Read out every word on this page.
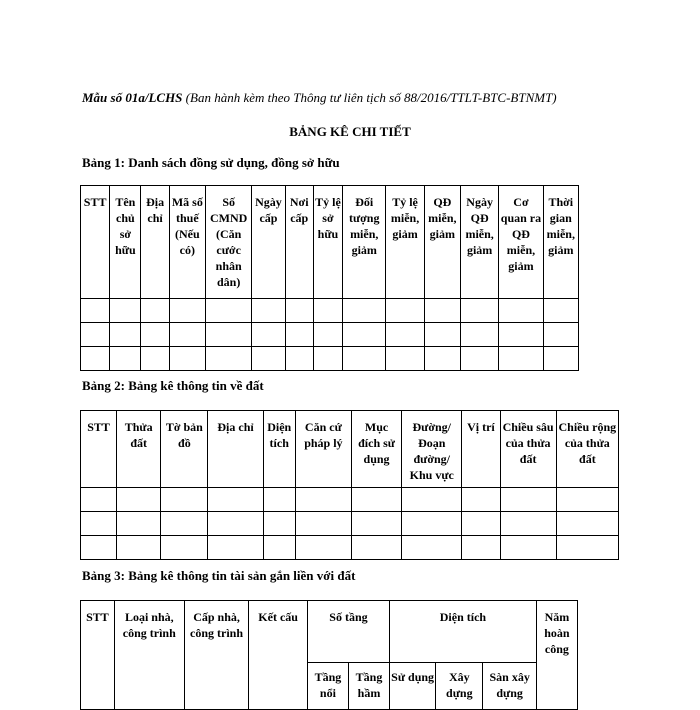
Mẫu số 01a/LCHS (Ban hành kèm theo Thông tư liên tịch số 88/2016/TTLT-BTC-BTNMT)
BẢNG KÊ CHI TIẾT
Bảng 1: Danh sách đồng sử dụng, đồng sở hữu
STT	Tên chủ sở hữu	Địa chỉ	Mã số thuế (Nếu có)	Số CMND (Căn cước nhân dân)	Ngày cấp	Nơi cấp	Tỷ lệ sở hữu	Đối tượng miễn, giảm	Tỷ lệ miễn, giảm	QĐ miễn, giảm	Ngày QĐ miễn, giảm	Cơ quan ra QĐ miễn, giảm	Thời gian miễn, giảm

Bảng 2: Bảng kê thông tin về đất
STT	Thửa đất	Tờ bản đồ	Địa chỉ	Diện tích	Căn cứ pháp lý	Mục đích sử dụng	Đường/ Đoạn đường/ Khu vực	Vị trí	Chiều sâu của thửa đất	Chiều rộng của thửa đất

Bảng 3: Bảng kê thông tin tài sản gắn liền với đất
STT	Loại nhà, công trình	Cấp nhà, công trình	Kết cấu	Số tầng		Diện tích			Năm hoàn công
				Tầng nổi	Tầng hầm	Sử dụng	Xây dựng	Sàn xây dựng	
